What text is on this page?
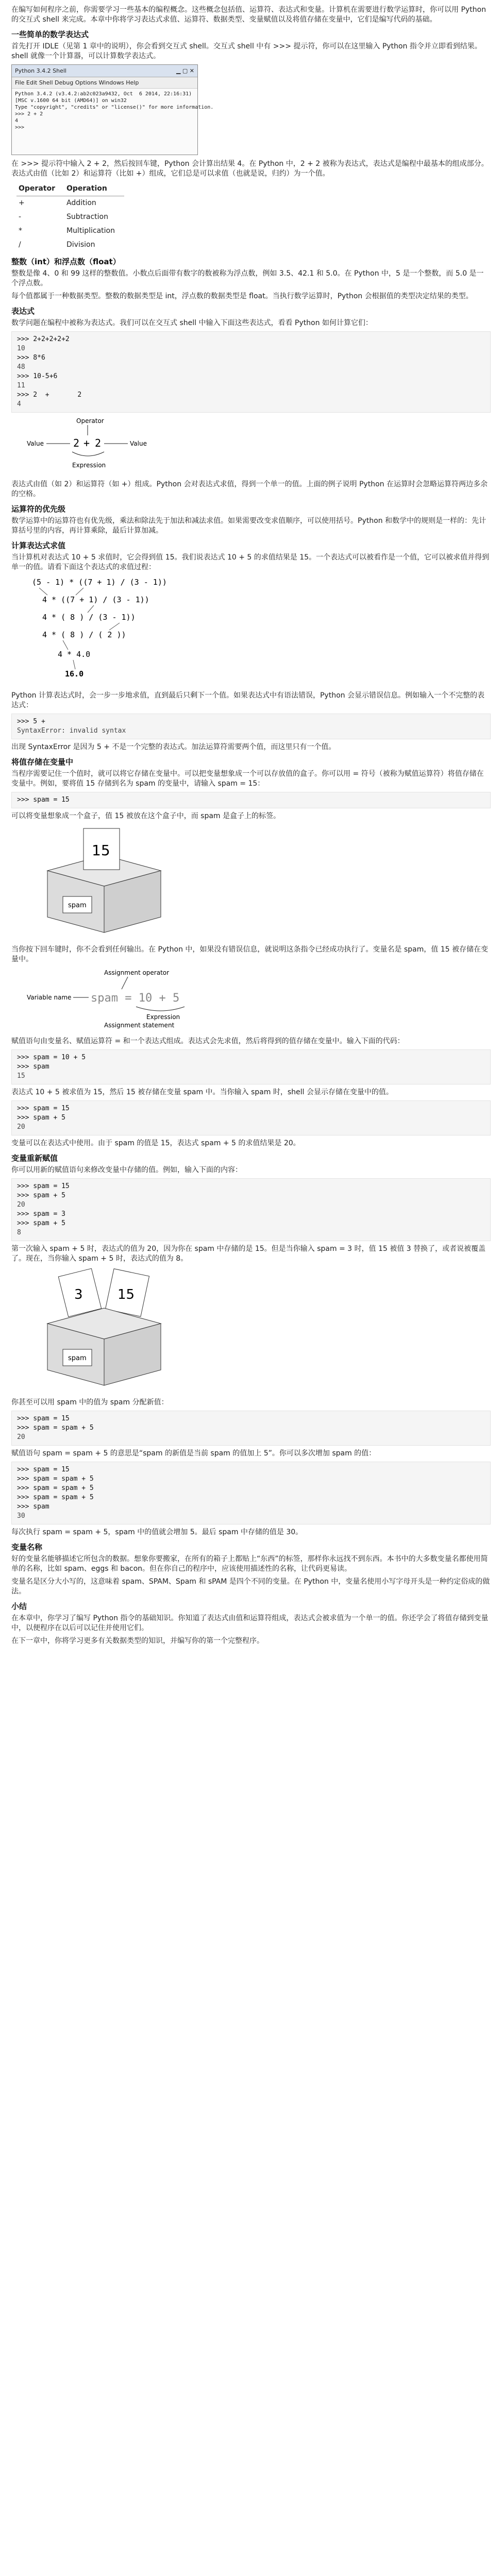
在编写如何程序之前，你需要学习一些基本的编程概念。这些概念包括值、运算符、表达式和变量。计算机在需要进行数学运算时，你可以用 Python 的交互式 shell 来完成。本章中你将学习表达式求值、运算符、数据类型、变量赋值以及将值存储在变量中，它们是编写代码的基础。

一些简单的数学表达式

首先打开 IDLE（见第 1 章中的说明），你会看到交互式 shell。交互式 shell 中有 >>> 提示符，你可以在这里输入 Python 指令并立即看到结果。shell 就像一个计算器，可以计算数学表达式。

Python 3.4.2 Shell	▁ ▢ ✕
File Edit Shell Debug Options Windows Help
Python 3.4.2 (v3.4.2:ab2c023a9432, Oct  6 2014, 22:16:31)
[MSC v.1600 64 bit (AMD64)] on win32
Type "copyright", "credits" or "license()" for more information.
>>> 2 + 2
4
>>>

在 >>> 提示符中输入 2 + 2，然后按回车键，Python 会计算出结果 4。在 Python 中，2 + 2 被称为表达式，表达式是编程中最基本的组成部分。表达式由值（比如 2）和运算符（比如 +）组成，它们总是可以求值（也就是说，归约）为一个值。

Operator	Operation
+	Addition
-	Subtraction
*	Multiplication
/	Division
整数（int）和浮点数（float）

整数是像 4、0 和 99 这样的整数值。小数点后面带有数字的数被称为浮点数，例如 3.5、42.1 和 5.0。在 Python 中，5 是一个整数，而 5.0 是一个浮点数。

每个值都属于一种数据类型。整数的数据类型是 int，浮点数的数据类型是 float。当执行数学运算时，Python 会根据值的类型决定结果的类型。

表达式

数学问题在编程中被称为表达式。我们可以在交互式 shell 中输入下面这些表达式，看看 Python 如何计算它们：

>>> 2+2+2+2+2
10
>>> 8*6
48
>>> 10-5+6
11
>>> 2  +       2
4
Operator
Value	2 + 2	Value
Expression

表达式由值（如 2）和运算符（如 +）组成。Python 会对表达式求值，得到一个单一的值。上面的例子说明 Python 在运算时会忽略运算符两边多余的空格。

运算符的优先级

数学运算中的运算符也有优先级，乘法和除法先于加法和减法求值。如果需要改变求值顺序，可以使用括号。Python 和数学中的规则是一样的：先计算括号里的内容，再计算乘除，最后计算加减。

计算表达式求值

当计算机对表达式 10 + 5 求值时，它会得到值 15。我们说表达式 10 + 5 的求值结果是 15。一个表达式可以被看作是一个值，它可以被求值并得到单一的值。请看下面这个表达式的求值过程：

(5 - 1) * ((7 + 1) / (3 - 1))
4 * ((7 + 1) / (3 - 1))
4 * ( 8 ) / (3 - 1))
4 * ( 8 ) / ( 2 ))
4 * 4.0
16.0

Python 计算表达式时，会一步一步地求值，直到最后只剩下一个值。如果表达式中有语法错误，Python 会显示错误信息。例如输入一个不完整的表达式：

>>> 5 +
SyntaxError: invalid syntax

出现 SyntaxError 是因为 5 + 不是一个完整的表达式。加法运算符需要两个值，而这里只有一个值。

将值存储在变量中

当程序需要记住一个值时，就可以将它存储在变量中。可以把变量想象成一个可以存放值的盒子。你可以用 = 符号（被称为赋值运算符）将值存储在变量中。例如，要将值 15 存储到名为 spam 的变量中，请输入 spam = 15：

>>> spam = 15

可以将变量想象成一个盒子，值 15 被放在这个盒子中，而 spam 是盒子上的标签。

15
spam

当你按下回车键时，你不会看到任何输出。在 Python 中，如果没有错误信息，就说明这条指令已经成功执行了。变量名是 spam，值 15 被存储在变量中。

Assignment operator
Variable name spam = 10 + 5
Expression
Assignment statement

赋值语句由变量名、赋值运算符 = 和一个表达式组成。表达式会先求值，然后将得到的值存储在变量中。输入下面的代码：

>>> spam = 10 + 5
>>> spam
15

表达式 10 + 5 被求值为 15，然后 15 被存储在变量 spam 中。当你输入 spam 时，shell 会显示存储在变量中的值。

>>> spam = 15
>>> spam + 5
20

变量可以在表达式中使用。由于 spam 的值是 15，表达式 spam + 5 的求值结果是 20。

变量重新赋值

你可以用新的赋值语句来修改变量中存储的值。例如，输入下面的内容：

>>> spam = 15
>>> spam + 5
20
>>> spam = 3
>>> spam + 5
8

第一次输入 spam + 5 时，表达式的值为 20，因为你在 spam 中存储的是 15。但是当你输入 spam = 3 时，值 15 被值 3 替换了，或者说被覆盖了。现在，当你输入 spam + 5 时，表达式的值为 8。

3	15
spam

你甚至可以用 spam 中的值为 spam 分配新值：

>>> spam = 15
>>> spam = spam + 5
20

赋值语句 spam = spam + 5 的意思是“spam 的新值是当前 spam 的值加上 5”。你可以多次增加 spam 的值：

>>> spam = 15
>>> spam = spam + 5
>>> spam = spam + 5
>>> spam = spam + 5
>>> spam
30

每次执行 spam = spam + 5，spam 中的值就会增加 5。最后 spam 中存储的值是 30。

变量名称

好的变量名能够描述它所包含的数据。想象你要搬家，在所有的箱子上都贴上“东西”的标签，那样你永远找不到东西。本书中的大多数变量名都使用简单的名称，比如 spam、eggs 和 bacon。但在你自己的程序中，应该使用描述性的名称，让代码更易读。

变量名是区分大小写的，这意味着 spam、SPAM、Spam 和 sPAM 是四个不同的变量。在 Python 中，变量名使用小写字母开头是一种约定俗成的做法。

小结

在本章中，你学习了编写 Python 指令的基础知识。你知道了表达式由值和运算符组成，表达式会被求值为一个单一的值。你还学会了将值存储到变量中，以便程序在以后可以记住并使用它们。

在下一章中，你将学习更多有关数据类型的知识，并编写你的第一个完整程序。
